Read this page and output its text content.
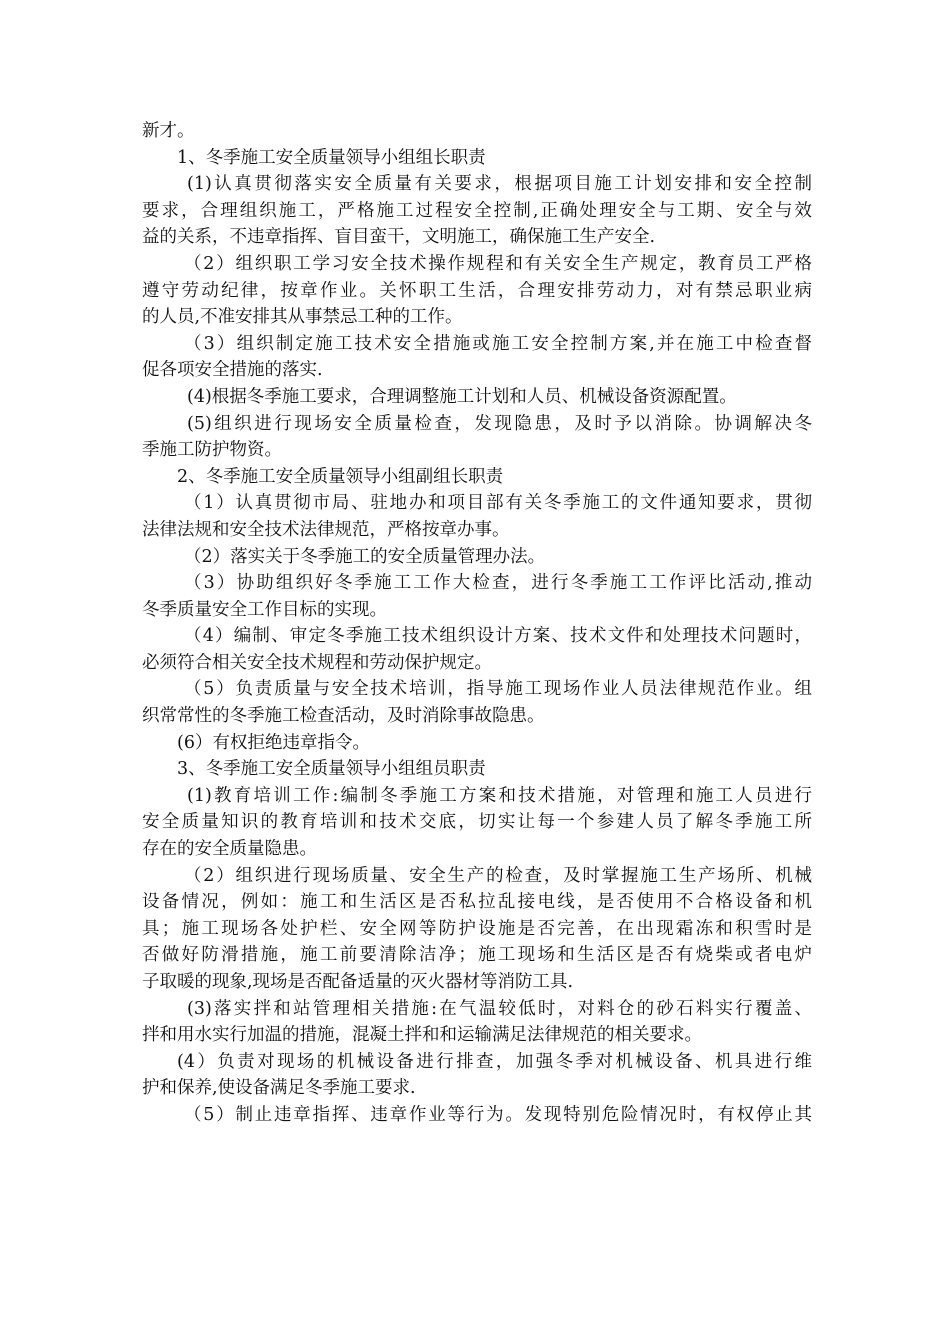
新才。
1、冬季施工安全质量领导小组组长职责
(1)认真贯彻落实安全质量有关要求，根据项目施工计划安排和安全控制
要求，合理组织施工，严格施工过程安全控制,正确处理安全与工期、安全与效
益的关系，不违章指挥、盲目蛮干，文明施工，确保施工生产安全.
（2）组织职工学习安全技术操作规程和有关安全生产规定，教育员工严格
遵守劳动纪律，按章作业。关怀职工生活，合理安排劳动力，对有禁忌职业病
的人员,不准安排其从事禁忌工种的工作。
（3）组织制定施工技术安全措施或施工安全控制方案,并在施工中检查督
促各项安全措施的落实.
(4)根据冬季施工要求，合理调整施工计划和人员、机械设备资源配置。
(5)组织进行现场安全质量检查，发现隐患，及时予以消除。协调解决冬
季施工防护物资。
2、冬季施工安全质量领导小组副组长职责
（1）认真贯彻市局、驻地办和项目部有关冬季施工的文件通知要求，贯彻
法律法规和安全技术法律规范，严格按章办事。
（2）落实关于冬季施工的安全质量管理办法。
（3）协助组织好冬季施工工作大检查，进行冬季施工工作评比活动,推动
冬季质量安全工作目标的实现。
（4）编制、审定冬季施工技术组织设计方案、技术文件和处理技术问题时，
必须符合相关安全技术规程和劳动保护规定。
（5）负责质量与安全技术培训，指导施工现场作业人员法律规范作业。组
织常常性的冬季施工检查活动，及时消除事故隐患。
(6）有权拒绝违章指令。
3、冬季施工安全质量领导小组组员职责
(1)教育培训工作:编制冬季施工方案和技术措施，对管理和施工人员进行
安全质量知识的教育培训和技术交底，切实让每一个参建人员了解冬季施工所
存在的安全质量隐患。
（2）组织进行现场质量、安全生产的检查，及时掌握施工生产场所、机械
设备情况，例如：施工和生活区是否私拉乱接电线，是否使用不合格设备和机
具；施工现场各处护栏、安全网等防护设施是否完善，在出现霜冻和积雪时是
否做好防滑措施，施工前要清除洁净；施工现场和生活区是否有烧柴或者电炉
子取暖的现象,现场是否配备适量的灭火器材等消防工具.
(3)落实拌和站管理相关措施:在气温较低时，对料仓的砂石料实行覆盖、
拌和用水实行加温的措施，混凝土拌和和运输满足法律规范的相关要求。
(4）负责对现场的机械设备进行排查，加强冬季对机械设备、机具进行维
护和保养,使设备满足冬季施工要求.
（5）制止违章指挥、违章作业等行为。发现特别危险情况时，有权停止其
